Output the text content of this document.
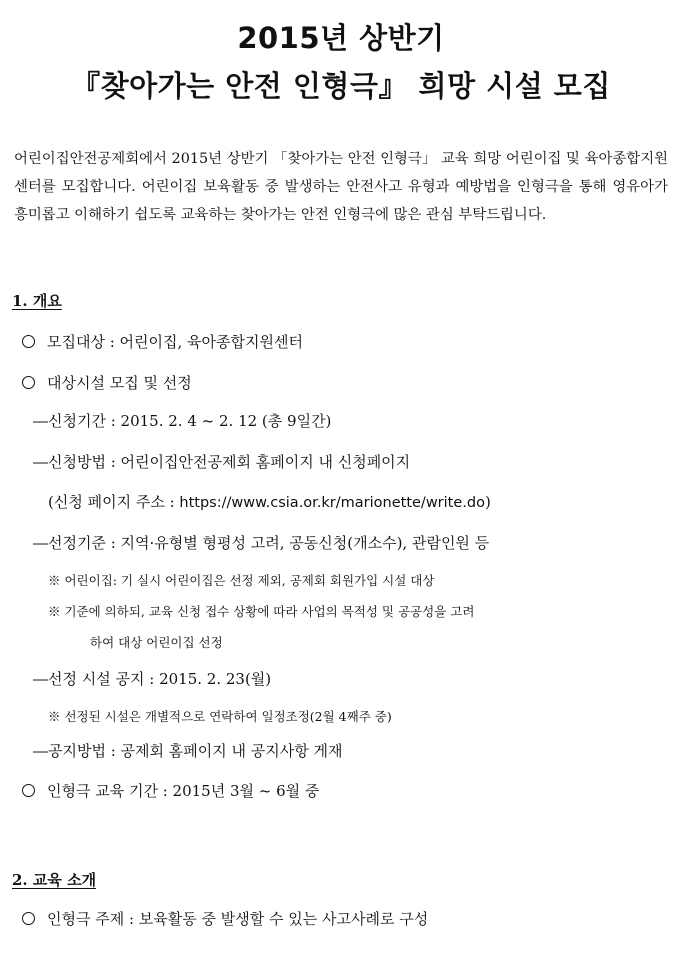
2015년 상반기
『찾아가는 안전 인형극』 희망 시설 모집
어린이집안전공제회에서 2015년 상반기 「찾아가는 안전 인형극」 교육 희망 어린이집 및 육아종합지원센터를 모집합니다. 어린이집 보육활동 중 발생하는 안전사고 유형과 예방법을 인형극을 통해 영유아가 흥미롭고 이해하기 쉽도록 교육하는 찾아가는 안전 인형극에 많은 관심 부탁드립니다.
1. 개요
모집대상 : 어린이집, 육아종합지원센터
대상시설 모집 및 선정
―신청기간 : 2015. 2. 4 ~ 2. 12 (총 9일간)
―신청방법 : 어린이집안전공제회 홈페이지 내 신청페이지
(신청 페이지 주소 : https://www.csia.or.kr/marionette/write.do)
―선정기준 : 지역·유형별 형평성 고려, 공동신청(개소수), 관람인원 등
※ 어린이집: 기 실시 어린이집은 선정 제외, 공제회 회원가입 시설 대상
※ 기준에 의하되, 교육 신청 접수 상황에 따라 사업의 목적성 및 공공성을 고려
하여 대상 어린이집 선정
―선정 시설 공지 : 2015. 2. 23(월)
※ 선정된 시설은 개별적으로 연락하여 일정조정(2월 4째주 중)
―공지방법 : 공제회 홈페이지 내 공지사항 게재
인형극 교육 기간 : 2015년 3월 ~ 6월 중
2. 교육 소개
인형극 주제 : 보육활동 중 발생할 수 있는 사고사례로 구성
